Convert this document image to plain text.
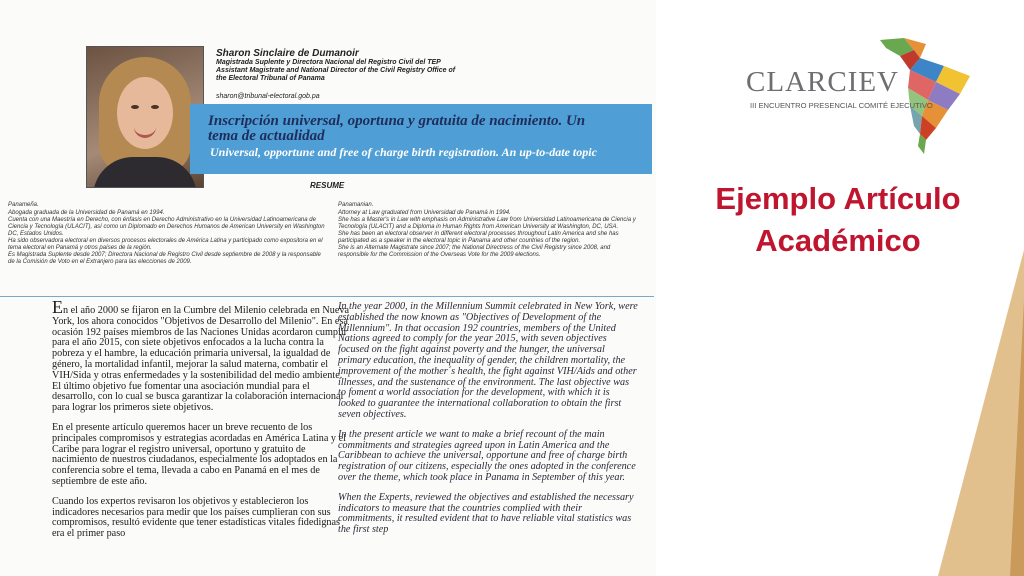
Sharon Sinclaire de Dumanoir
Magistrada Suplente y Directora Nacional del Registro Civil del TEP
Assistant Magistrate and National Director of the Civil Registry Office of
the Electoral Tribunal of Panama
sharon@tribunal-electoral.gob.pa
Inscripción universal, oportuna y gratuita de nacimiento. Un tema de actualidad
Universal, opportune and free of charge birth registration. An up-to-date topic
RESUME
Panameña.
Abogada graduada de la Universidad de Panamá en 1994.
Cuenta con una Maestría en Derecho, con énfasis en Derecho Administrativo en la Universidad Latinoamericana de Ciencia y Tecnología (ULACIT), así como un Diplomado en Derechos Humanos de American University en Washington DC, Estados Unidos.
Ha sido observadora electoral en diversos procesos electorales de América Latina y participado como expositora en el tema electoral en Panamá y otros países de la región.
Es Magistrada Suplente desde 2007; Directora Nacional de Registro Civil desde septiembre de 2008 y la responsable de la Comisión de Voto en el Extranjero para las elecciones de 2009.
Panamanian.
Attorney at Law graduated from Universidad de Panamá in 1994.
She has a Master's in Law with emphasis on Administrative Law from Universidad Latinoamericana de Ciencia y Tecnología (ULACIT) and a Diploma in Human Rights from American University at Washington, DC, USA.
She has been an electoral observer in different electoral processes throughout Latin America and she has participated as a speaker in the electoral topic in Panama and other countries of the region.
She is an Alternate Magistrate since 2007; the National Directress of the Civil Registry since 2008, and responsible for the Commission of the Overseas Vote for the 2009 elections.

En el año 2000 se fijaron en la Cumbre del Milenio celebrada en Nueva York, los ahora conocidos "Objetivos de Desarrollo del Milenio". En esa ocasión 192 países miembros de las Naciones Unidas acordaron cumplir para el año 2015, con siete objetivos enfocados a la lucha contra la pobreza y el hambre, la educación primaria universal, la igualdad de género, la mortalidad infantil, mejorar la salud materna, combatir el VIH/Sida y otras enfermedades y la sostenibilidad del medio ambiente. El último objetivo fue fomentar una asociación mundial para el desarrollo, con lo cual se busca garantizar la colaboración internacional para lograr los primeros siete objetivos.

En el presente artículo queremos hacer un breve recuento de los principales compromisos y estrategias acordadas en América Latina y el Caribe para lograr el registro universal, oportuno y gratuito de nacimiento de nuestros ciudadanos, especialmente los adoptados en la conferencia sobre el tema, llevada a cabo en Panamá en el mes de septiembre de este año.

Cuando los expertos revisaron los objetivos y establecieron los indicadores necesarios para medir que los países cumplieran con sus compromisos, resultó evidente que tener estadísticas vitales fidedignas era el primer paso

In the year 2000, in the Millennium Summit celebrated in New York, were established the now known as "Objectives of Development of the Millennium". In that occasion 192 countries, members of the United Nations agreed to comply for the year 2015, with seven objectives focused on the fight against poverty and the hunger, the universal primary education, the inequality of gender, the children mortality, the improvement of the mother´s health, the fight against VIH/Aids and other illnesses, and the sustenance of the environment. The last objective was to foment a world association for the development, with which it is looked to guarantee the international collaboration to obtain the first seven objectives.

In the present article we want to make a brief recount of the main commitments and strategies agreed upon in Latin America and the Caribbean to achieve the universal, opportune and free of charge birth registration of our citizens, especially the ones adopted in the conference over the theme, which took place in Panama in September of this year.

When the Experts, reviewed the objectives and established the necessary indicators to measure that the countries complied with their commitments, it resulted evident that to have reliable vital statistics was the first step

CLARCIEV
III ENCUENTRO PRESENCIAL COMITÉ EJECUTIVO
Ejemplo Artículo
Académico
